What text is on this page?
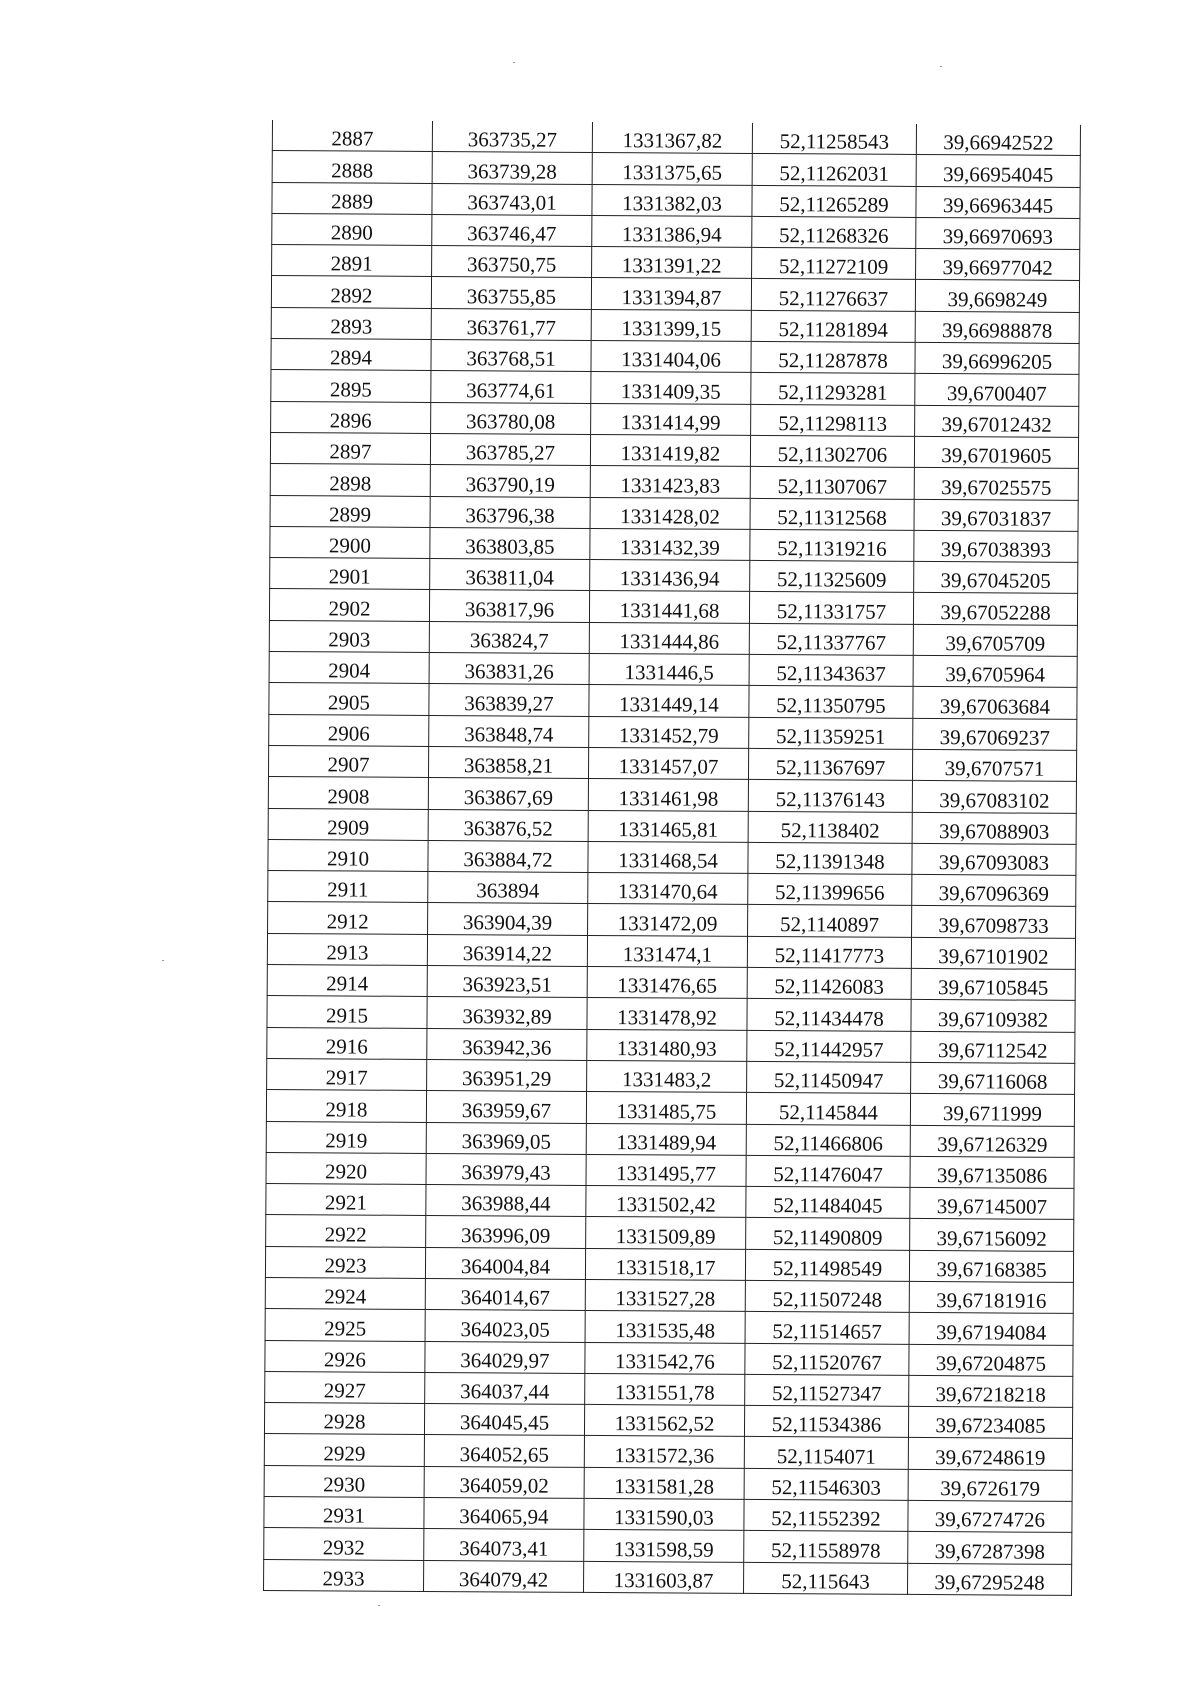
2887	363735,27	1331367,82	52,11258543	39,66942522
2888	363739,28	1331375,65	52,11262031	39,66954045
2889	363743,01	1331382,03	52,11265289	39,66963445
2890	363746,47	1331386,94	52,11268326	39,66970693
2891	363750,75	1331391,22	52,11272109	39,66977042
2892	363755,85	1331394,87	52,11276637	39,6698249
2893	363761,77	1331399,15	52,11281894	39,66988878
2894	363768,51	1331404,06	52,11287878	39,66996205
2895	363774,61	1331409,35	52,11293281	39,6700407
2896	363780,08	1331414,99	52,11298113	39,67012432
2897	363785,27	1331419,82	52,11302706	39,67019605
2898	363790,19	1331423,83	52,11307067	39,67025575
2899	363796,38	1331428,02	52,11312568	39,67031837
2900	363803,85	1331432,39	52,11319216	39,67038393
2901	363811,04	1331436,94	52,11325609	39,67045205
2902	363817,96	1331441,68	52,11331757	39,67052288
2903	363824,7	1331444,86	52,11337767	39,6705709
2904	363831,26	1331446,5	52,11343637	39,6705964
2905	363839,27	1331449,14	52,11350795	39,67063684
2906	363848,74	1331452,79	52,11359251	39,67069237
2907	363858,21	1331457,07	52,11367697	39,6707571
2908	363867,69	1331461,98	52,11376143	39,67083102
2909	363876,52	1331465,81	52,1138402	39,67088903
2910	363884,72	1331468,54	52,11391348	39,67093083
2911	363894	1331470,64	52,11399656	39,67096369
2912	363904,39	1331472,09	52,1140897	39,67098733
2913	363914,22	1331474,1	52,11417773	39,67101902
2914	363923,51	1331476,65	52,11426083	39,67105845
2915	363932,89	1331478,92	52,11434478	39,67109382
2916	363942,36	1331480,93	52,11442957	39,67112542
2917	363951,29	1331483,2	52,11450947	39,67116068
2918	363959,67	1331485,75	52,1145844	39,6711999
2919	363969,05	1331489,94	52,11466806	39,67126329
2920	363979,43	1331495,77	52,11476047	39,67135086
2921	363988,44	1331502,42	52,11484045	39,67145007
2922	363996,09	1331509,89	52,11490809	39,67156092
2923	364004,84	1331518,17	52,11498549	39,67168385
2924	364014,67	1331527,28	52,11507248	39,67181916
2925	364023,05	1331535,48	52,11514657	39,67194084
2926	364029,97	1331542,76	52,11520767	39,67204875
2927	364037,44	1331551,78	52,11527347	39,67218218
2928	364045,45	1331562,52	52,11534386	39,67234085
2929	364052,65	1331572,36	52,1154071	39,67248619
2930	364059,02	1331581,28	52,11546303	39,6726179
2931	364065,94	1331590,03	52,11552392	39,67274726
2932	364073,41	1331598,59	52,11558978	39,67287398
2933	364079,42	1331603,87	52,115643	39,67295248
